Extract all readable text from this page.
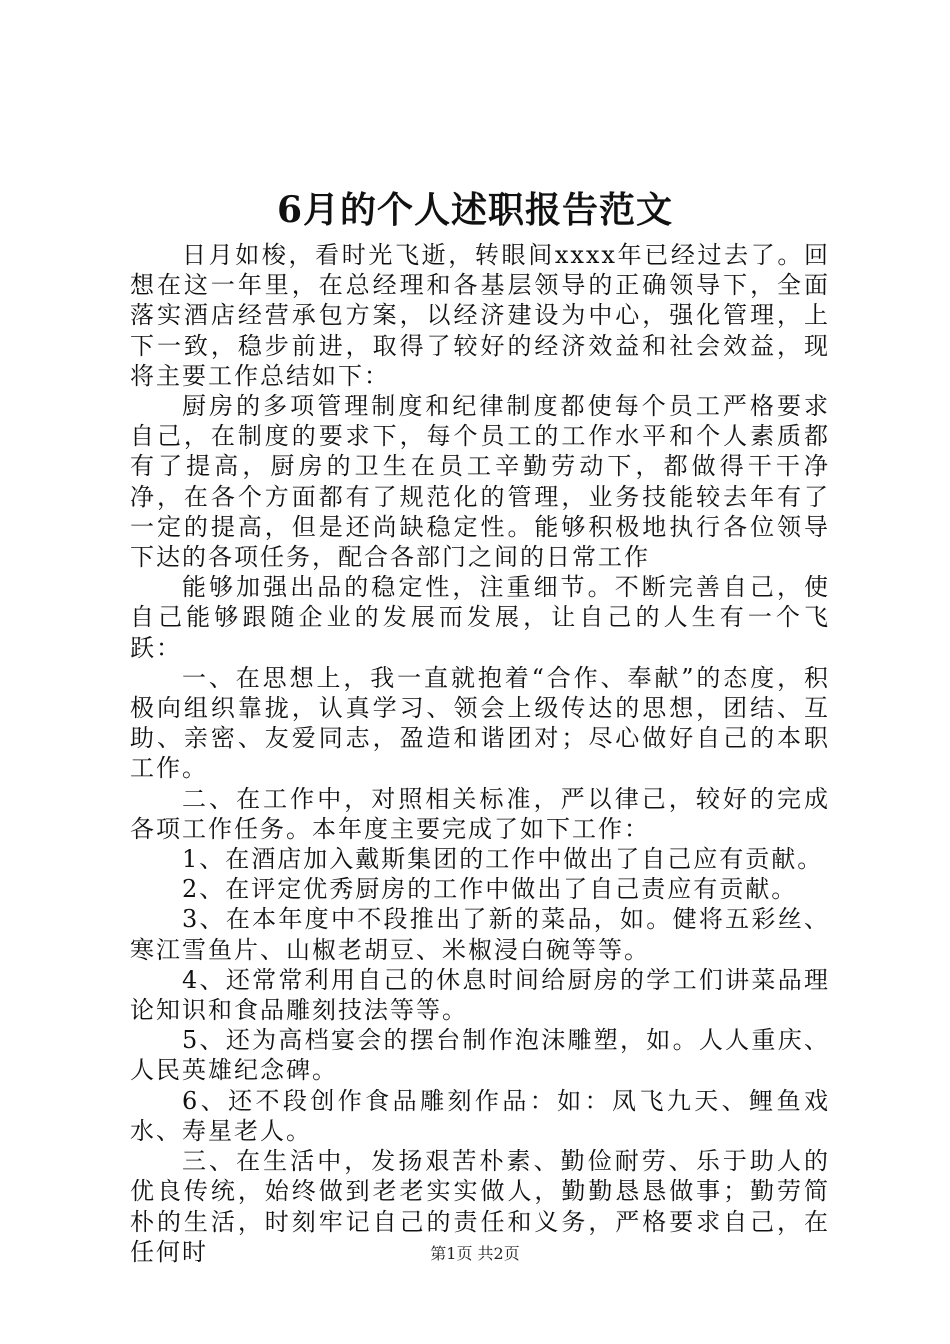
6月的个人述职报告范文

日月如梭，看时光飞逝，转眼间xxxx年已经过去了。回想在这一年里，在总经理和各基层领导的正确领导下，全面落实酒店经营承包方案，以经济建设为中心，强化管理，上下一致，稳步前进，取得了较好的经济效益和社会效益，现将主要工作总结如下：

厨房的多项管理制度和纪律制度都使每个员工严格要求自己，在制度的要求下，每个员工的工作水平和个人素质都有了提高，厨房的卫生在员工辛勤劳动下，都做得干干净净，在各个方面都有了规范化的管理，业务技能较去年有了一定的提高，但是还尚缺稳定性。能够积极地执行各位领导下达的各项任务，配合各部门之间的日常工作

能够加强出品的稳定性，注重细节。不断完善自己，使自己能够跟随企业的发展而发展，让自己的人生有一个飞跃：

一、在思想上，我一直就抱着“合作、奉献”的态度，积极向组织靠拢，认真学习、领会上级传达的思想，团结、互助、亲密、友爱同志，盈造和谐团对；尽心做好自己的本职工作。

二、在工作中，对照相关标准，严以律己，较好的完成各项工作任务。本年度主要完成了如下工作：

1、在酒店加入戴斯集团的工作中做出了自己应有贡献。

2、在评定优秀厨房的工作中做出了自己责应有贡献。

3、在本年度中不段推出了新的菜品，如。健将五彩丝、寒江雪鱼片、山椒老胡豆、米椒浸白碗等等。

4、还常常利用自己的休息时间给厨房的学工们讲菜品理论知识和食品雕刻技法等等。

5、还为高档宴会的摆台制作泡沫雕塑，如。人人重庆、人民英雄纪念碑。

6、还不段创作食品雕刻作品：如：凤飞九天、鲤鱼戏水、寿星老人。

三、在生活中，发扬艰苦朴素、勤俭耐劳、乐于助人的优良传统，始终做到老老实实做人，勤勤恳恳做事；勤劳简朴的生活，时刻牢记自己的责任和义务，严格要求自己，在任何时	第1页 共2页
